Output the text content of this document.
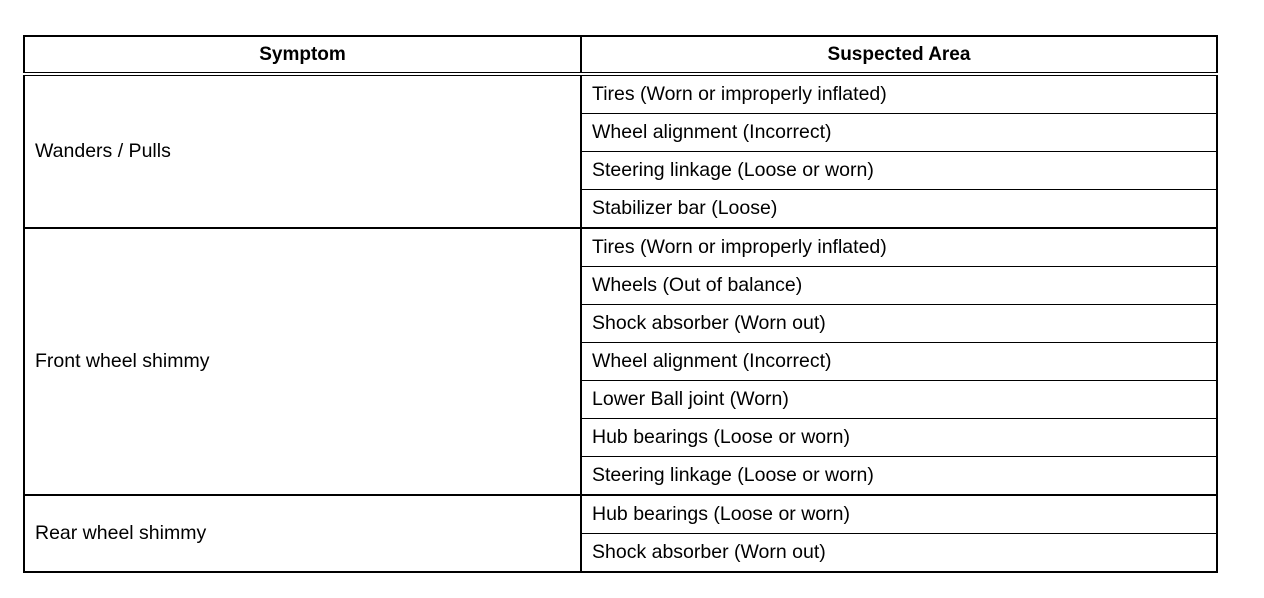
Symptom	Suspected Area
Wanders / Pulls	Tires (Worn or improperly inflated)
	Wheel alignment (Incorrect)
	Steering linkage (Loose or worn)
	Stabilizer bar (Loose)
Front wheel shimmy	Tires (Worn or improperly inflated)
	Wheels (Out of balance)
	Shock absorber (Worn out)
	Wheel alignment (Incorrect)
	Lower Ball joint (Worn)
	Hub bearings (Loose or worn)
	Steering linkage (Loose or worn)
Rear wheel shimmy	Hub bearings (Loose or worn)
	Shock absorber (Worn out)
